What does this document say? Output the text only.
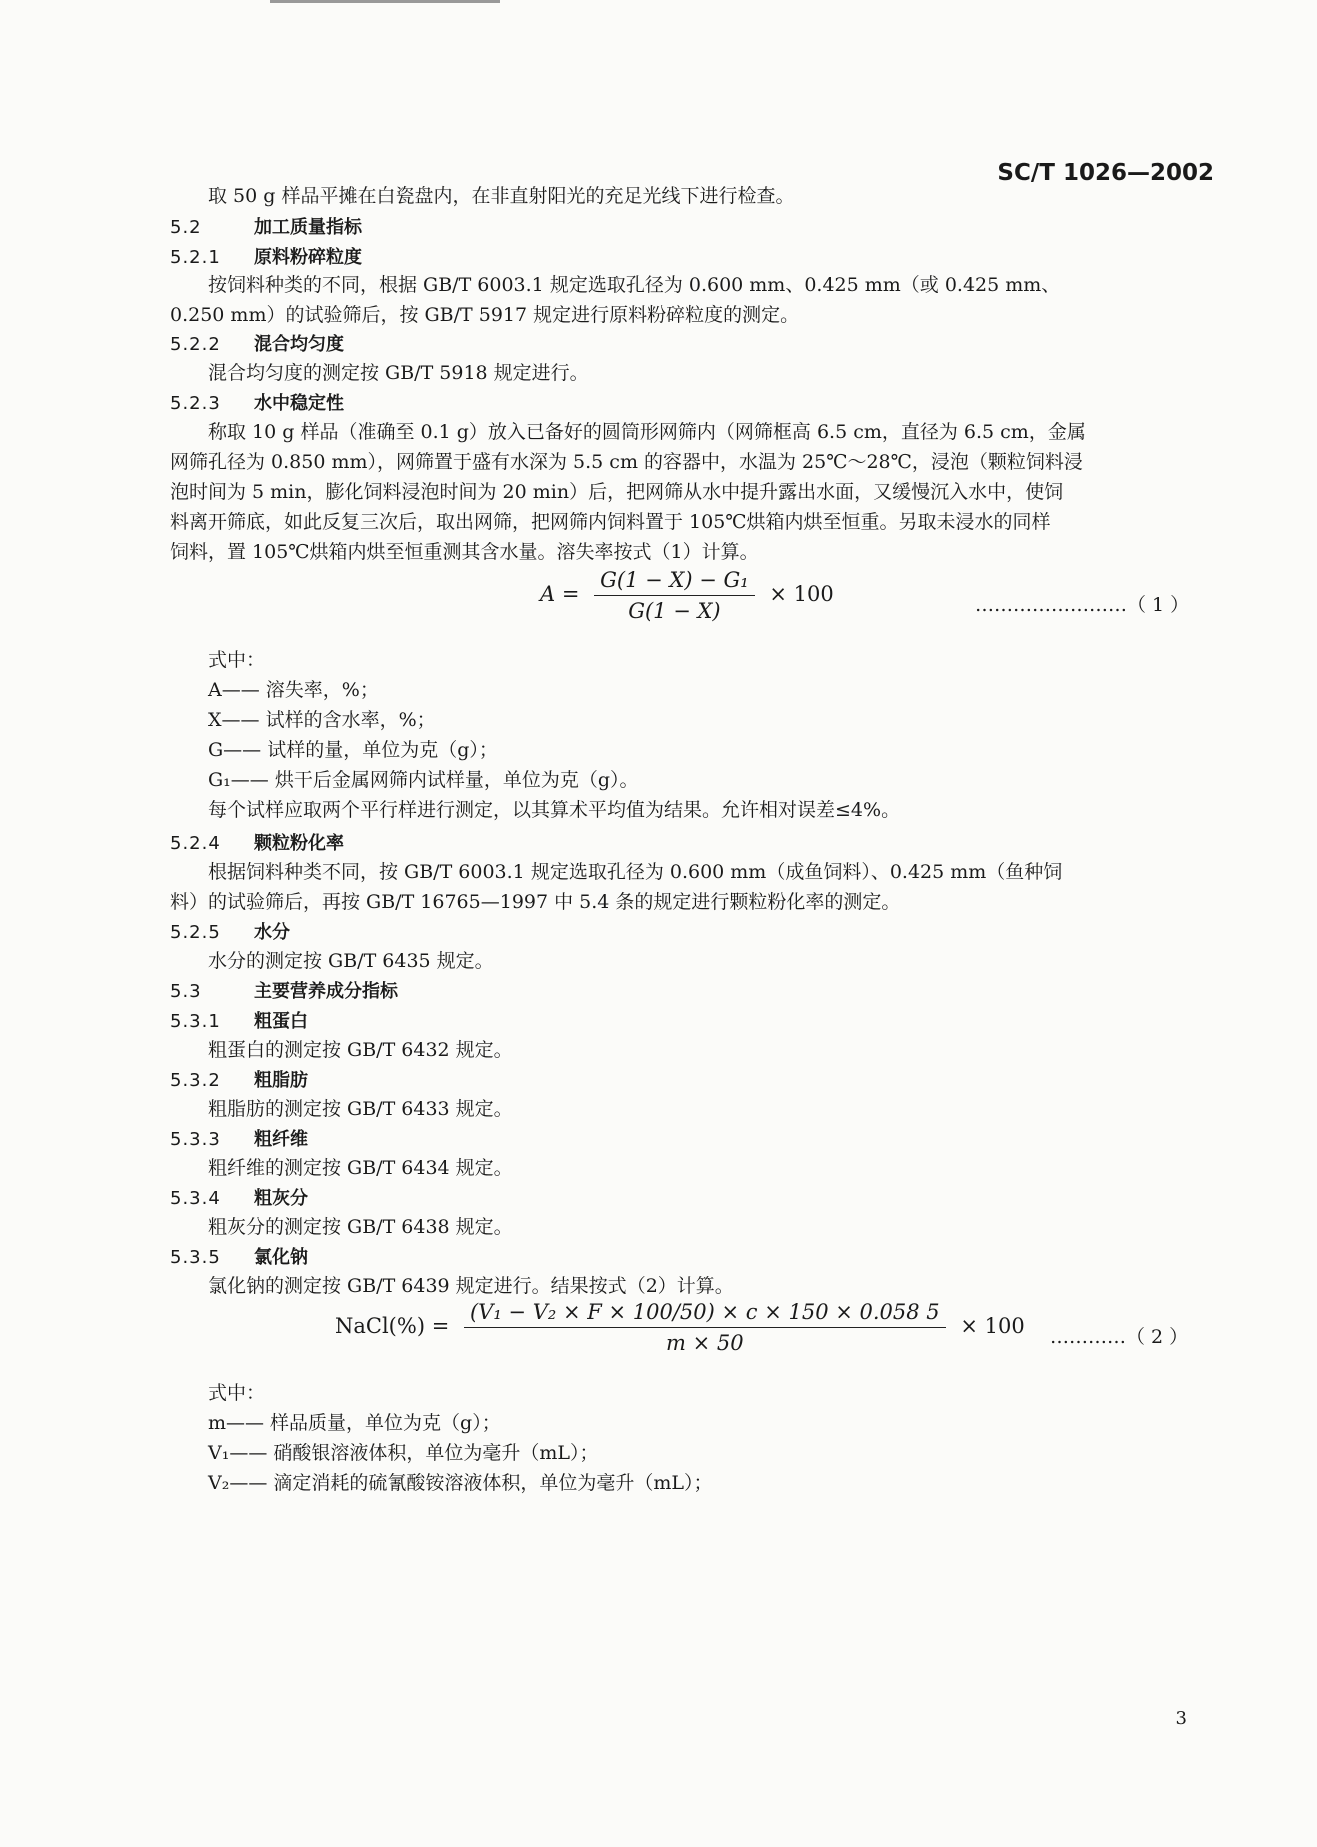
SC/T 1026—2002
取 50 g 样品平摊在白瓷盘内，在非直射阳光的充足光线下进行检查。
5.2	加工质量指标
5.2.1 原料粉碎粒度
按饲料种类的不同，根据 GB/T 6003.1 规定选取孔径为 0.600 mm、0.425 mm（或 0.425 mm、
0.250 mm）的试验筛后，按 GB/T 5917 规定进行原料粉碎粒度的测定。
5.2.2 混合均匀度
混合均匀度的测定按 GB/T 5918 规定进行。
5.2.3 水中稳定性
称取 10 g 样品（准确至 0.1 g）放入已备好的圆筒形网筛内（网筛框高 6.5 cm，直径为 6.5 cm，金属
网筛孔径为 0.850 mm），网筛置于盛有水深为 5.5 cm 的容器中，水温为 25℃～28℃，浸泡（颗粒饲料浸
泡时间为 5 min，膨化饲料浸泡时间为 20 min）后，把网筛从水中提升露出水面，又缓慢沉入水中，使饲
料离开筛底，如此反复三次后，取出网筛，把网筛内饲料置于 105℃烘箱内烘至恒重。另取未浸水的同样
饲料，置 105℃烘箱内烘至恒重测其含水量。溶失率按式（1）计算。
$A = \frac{\text{G(1 − X) − G₁}}{G(1 - X)} \times 100$	……………………（ 1 ）
式中：
A—— 溶失率，%；
X—— 试样的含水率，%；
G—— 试样的量，单位为克（g）；
G₁—— 烘干后金属网筛内试样量，单位为克（g）。
每个试样应取两个平行样进行测定，以其算术平均值为结果。允许相对误差≤4%。
5.2.4 颗粒粉化率
根据饲料种类不同，按 GB/T 6003.1 规定选取孔径为 0.600 mm（成鱼饲料）、0.425 mm（鱼种饲
料）的试验筛后，再按 GB/T 16765—1997 中 5.4 条的规定进行颗粒粉化率的测定。
5.2.5 水分
水分的测定按 GB/T 6435 规定。
5.3	主要营养成分指标
5.3.1 粗蛋白
粗蛋白的测定按 GB/T 6432 规定。
5.3.2 粗脂肪
粗脂肪的测定按 GB/T 6433 规定。
5.3.3 粗纤维
粗纤维的测定按 GB/T 6434 规定。
5.3.4 粗灰分
粗灰分的测定按 GB/T 6438 规定。
5.3.5 氯化钠
氯化钠的测定按 GB/T 6439 规定进行。结果按式（2）计算。
NaCl(%) = $\frac{\text{(V₁ − V₂ × F × 100/50) × c × 150 × 0.058 5}}{m \times 50} \times 100$ …………（ 2 ）
式中：
m—— 样品质量，单位为克（g）；
V₁—— 硝酸银溶液体积，单位为毫升（mL）；
V₂—— 滴定消耗的硫氰酸铵溶液体积，单位为毫升（mL）；
3
